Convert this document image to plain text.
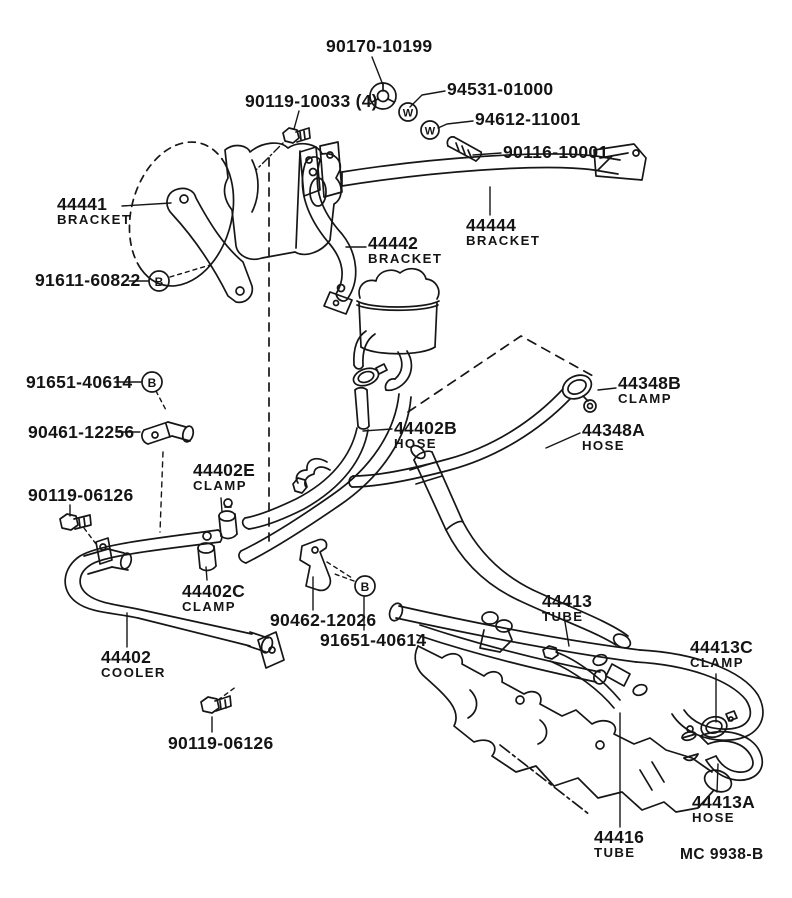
W
W
B
B
B
90170-10199
90119-10033 (4)
94531-01000
94612-11001
90116-10001
44441
BRACKET
91611-60822
44442
BRACKET
44444
BRACKET
91651-40614
90461-12256
90119-06126
44402E
CLAMP
44402B
HOSE
44348B
CLAMP
44348A
HOSE
44402C
CLAMP
90462-12026
91651-40614
44402
COOLER
90119-06126
44413
TUBE
44413C
CLAMP
44413A
HOSE
44416
TUBE	MC 9938-B
